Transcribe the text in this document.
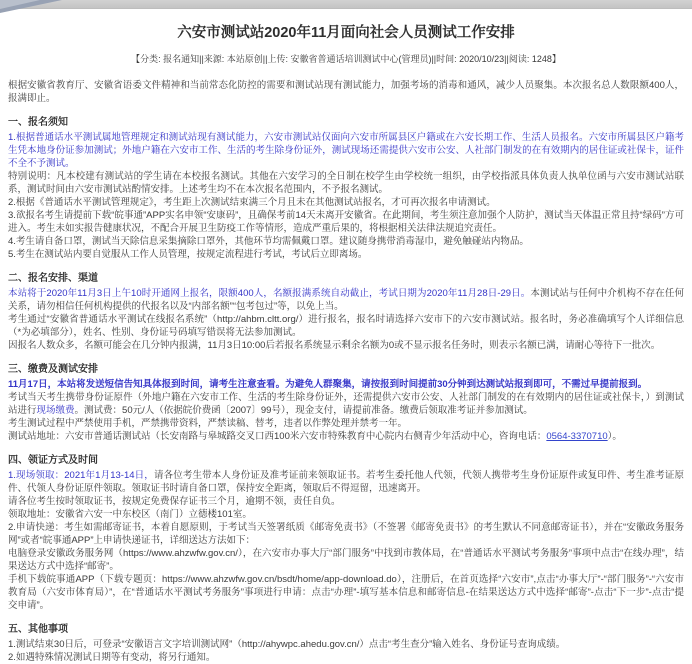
六安市测试站2020年11月面向社会人员测试工作安排
【分类: 报名通知||来源: 本站原创||上传: 安徽省普通话培训测试中心(管理员)||时间: 2020/10/23||阅读: 1248】

根据安徽省教育厅、安徽省语委文件精神和当前常态化防控的需要和测试站现有测试能力，加强考场的消毒和通风，减少人员聚集。本次报名总人数限额400人，报满即止。

一、报名须知

1.根据普通话水平测试属地管理规定和测试站现有测试能力，六安市测试站仅面向六安市所属县区户籍或在六安长期工作、生活人员报名。六安市所属县区户籍考生凭本地身份证参加测试；外地户籍在六安市工作、生活的考生除身份证外，测试现场还需提供六安市公安、人社部门制发的在有效期内的居住证或社保卡，证件不全不予测试。

特别说明：凡本校建有测试站的学生请在本校报名测试。其他在六安学习的全日制在校学生由学校统一组织，由学校指派具体负责人执单位函与六安市测试站联系，测试时间由六安市测试站酌情安排。上述考生均不在本次报名范围内，不予报名测试。

2.根据《普通话水平测试管理规定》，考生距上次测试结束满三个月且未在其他测试站报名，才可再次报名申请测试。

3.欲报名考生请提前下载“皖事通”APP实名申领“安康码”，且确保考前14天未离开安徽省。在此期间，考生须注意加强个人防护，测试当天体温正常且持“绿码”方可进入。考生未如实报告健康状况，不配合开展卫生防疫工作等情形，造成严重后果的，将根据相关法律法规追究责任。

4.考生请自备口罩，测试当天除信息采集摘除口罩外，其他环节均需佩戴口罩。建议随身携带消毒湿巾，避免触碰站内物品。

5.考生在测试站内要自觉服从工作人员管理，按规定流程进行考试，考试后立即离场。

二、报名安排、渠道

本站将于2020年11月3日上午10时开通网上报名，限额400人，名额报满系统自动截止，考试日期为2020年11月28日-29日。本测试站与任何中介机构不存在任何关系，请勿相信任何机构提供的代报名以及“内部名额”“包考包过”等，以免上当。

考生通过“安徽省普通话水平测试在线报名系统”（http://ahbm.cltt.org/）进行报名，报名时请选择六安市下的六安市测试站。报名时，务必准确填写个人详细信息（*为必填部分），姓名、性别、身份证号码填写错误将无法参加测试。

因报名人数众多，名额可能会在几分钟内报满，11月3日10:00后若报名系统显示剩余名额为0或不显示报名任务时，则表示名额已满，请耐心等待下一批次。

三、缴费及测试安排

11月17日，本站将发送短信告知具体报到时间，请考生注意查看。为避免人群聚集，请按报到时间提前30分钟到达测试站报到即可，不需过早提前报到。

考试当天考生携带身份证原件（外地户籍在六安市工作、生活的考生除身份证外，还需提供六安市公安、人社部门制发的在有效期内的居住证或社保卡，）到测试站进行现场缴费。测试费：50元/人（依据皖价费函〔2007〕99号），现金支付，请提前准备。缴费后领取准考证并参加测试。

考生测试过程中严禁使用手机，严禁携带资料，严禁读稿、替考，违者以作弊处理并禁考一年。

测试站地址：六安市普通话测试站（长安南路与皋城路交叉口西100米六安市特殊教育中心院内右侧青少年活动中心，咨询电话：0564-3370710）。

四、领证方式及时间

1.现场领取：2021年1月13-14日，请各位考生带本人身份证及准考证前来领取证书。若考生委托他人代领，代领人携带考生身份证原件或复印件、考生准考证原件、代领人身份证原件领取。领取证书时请自备口罩，保持安全距离，领取后不得逗留，迅速离开。

请各位考生按时领取证书，按规定免费保存证书三个月，逾期不领，责任自负。

领取地址：安徽省六安一中东校区（南门）立德楼101室。

2.申请快递：考生如需邮寄证书，本着自愿原则，于考试当天签署纸质《邮寄免责书》（不签署《邮寄免责书》的考生默认不同意邮寄证书），并在“安徽政务服务网”或者“皖事通APP”上申请快递证书，详细送达方法如下：

电脑登录安徽政务服务网（https://www.ahzwfw.gov.cn/），在六安市办事大厅“部门服务”中找到市教体局，在“普通话水平测试考务服务”事项中点击“在线办理”，结果送达方式中选择“邮寄”。

手机下载皖事通APP（下载专题页：https://www.ahzwfw.gov.cn/bsdt/home/app-download.do），注册后，在首页选择“六安市”,点击“办事大厅”-“部门服务”-“六安市教育局（六安市体育局）”，在“普通话水平测试考务服务”事项进行申请：点击“办理”-填写基本信息和邮寄信息-在结果送达方式中选择“邮寄”-点击“下一步”-点击“提交申请”。

五、其他事项

1.测试结束30日后，可登录“安徽语言文字培训测试网”（http://ahywpc.ahedu.gov.cn/）点击“考生查分”输入姓名、身份证号查询成绩。

2.如遇特殊情况测试日期等有变动，将另行通知。
